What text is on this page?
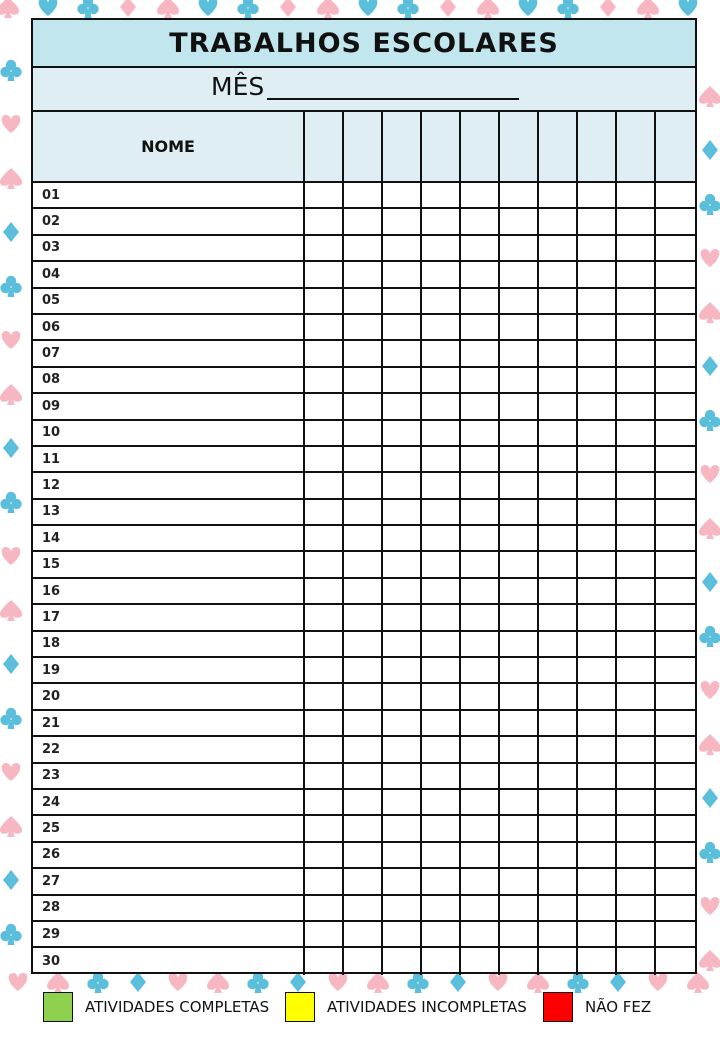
TRABALHOS ESCOLARES
MÊS
NOME
01
02
03
04
05
06
07
08
09
10
11
12
13
14
15
16
17
18
19
20
21
22
23
24
25
26
27
28
29
30
ATIVIDADES COMPLETAS	ATIVIDADES INCOMPLETAS	NÃO FEZ
